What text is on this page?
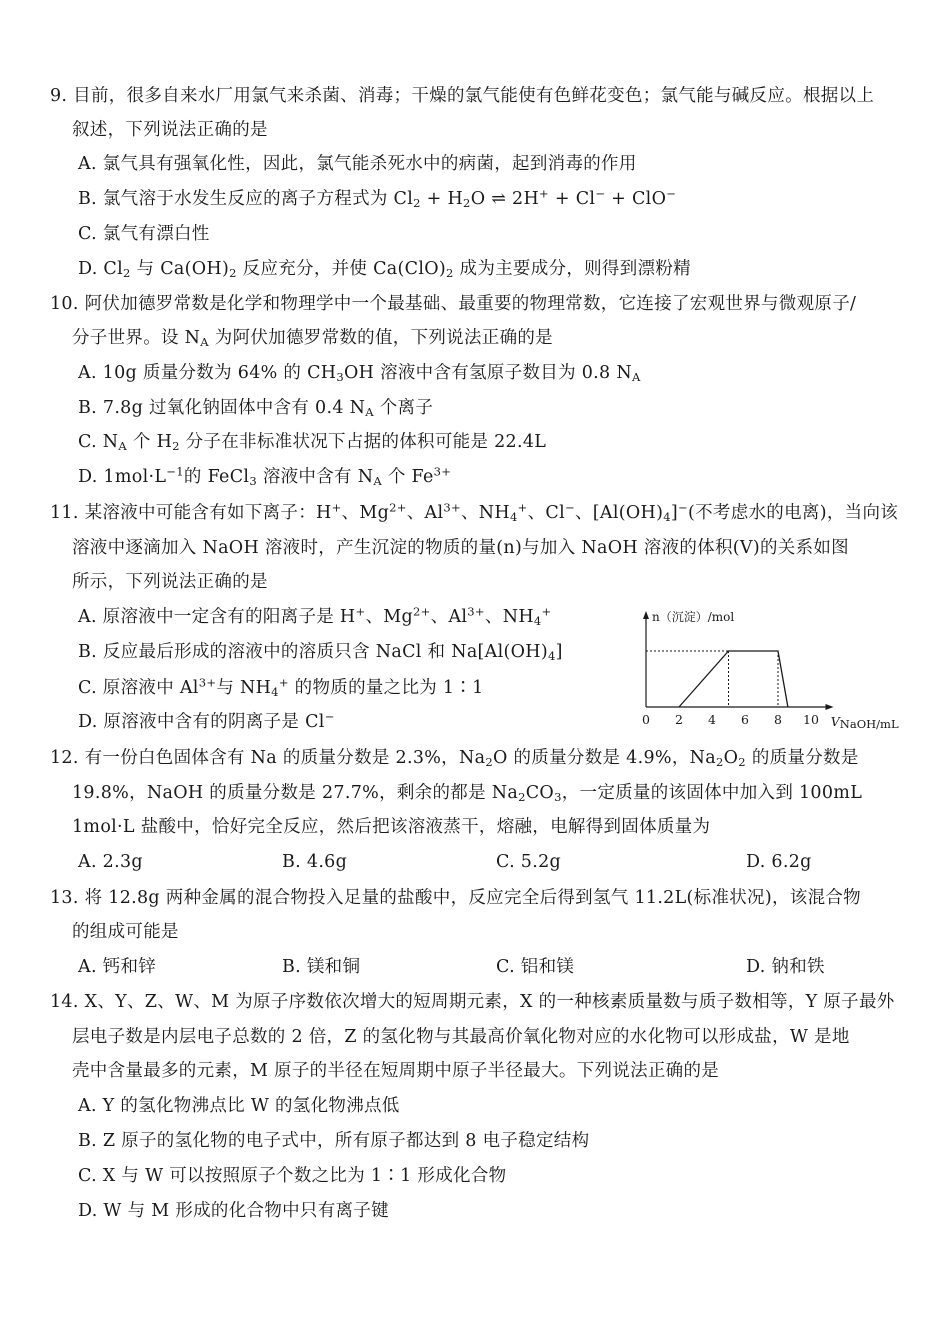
9. 目前，很多自来水厂用氯气来杀菌、消毒；干燥的氯气能使有色鲜花变色；氯气能与碱反应。根据以上
叙述，下列说法正确的是
A. 氯气具有强氧化性，因此，氯气能杀死水中的病菌，起到消毒的作用
B. 氯气溶于水发生反应的离子方程式为 $Cl_2 + H_2O$ ⇌ 2H+ + Cl− + ClO−
C. 氯气有漂白性
D. $Cl_2$ 与 $Ca(OH)_2$ 反应充分，并使 $Ca(ClO)_2$ 成为主要成分，则得到漂粉精
10. 阿伏加德罗常数是化学和物理学中一个最基础、最重要的物理常数，它连接了宏观世界与微观原子/
分子世界。设 $N_A$ 为阿伏加德罗常数的值，下列说法正确的是
A. 10g 质量分数为 64% 的 $CH_3OH$ 溶液中含有氢原子数目为 0.8 $N_A$
B. 7.8g 过氧化钠固体中含有 0.4 $N_A$ 个离子
C. $N_A$ 个 $H_2$ 分子在非标准状况下占据的体积可能是 22.4L
D. $1mol\cdot L^{-1}$的 FeCl$_3$ 溶液中含有 $N_A$ 个 $Fe^{3+}$
11. 某溶液中可能含有如下离子：H+、$Mg^{2+}$、$Al^{3+}$、$NH_4^+$、Cl−、$[Al(OH)_4]^-$(不考虑水的电离)，当向该
溶液中逐滴加入 NaOH 溶液时，产生沉淀的物质的量(n)与加入 NaOH 溶液的体积(V)的关系如图
所示，下列说法正确的是
A. 原溶液中一定含有的阳离子是 H+、$Mg^{2+}$、$Al^{3+}$、$NH_4^+$
B. 反应最后形成的溶液中的溶质只含 NaCl 和 $Na[Al(OH)_4]$
C. 原溶液中 $Al^{3+}$与 $NH_4^+$ 的物质的量之比为 1∶1
D. 原溶液中含有的阴离子是 Cl−
n（沉淀）/mol
0 2 4 6 8 10 V NaOH/mL
12. 有一份白色固体含有 Na 的质量分数是 2.3%，$Na_2O$ 的质量分数是 4.9%，$Na_2O_2$ 的质量分数是
19.8%，NaOH 的质量分数是 27.7%，剩余的都是 $Na_2CO_3$，一定质量的该固体中加入到 100mL
1mol·L 盐酸中，恰好完全反应，然后把该溶液蒸干，熔融，电解得到固体质量为
A. 2.3g	B. 4.6g	C. 5.2g	D. 6.2g
13. 将 12.8g 两种金属的混合物投入足量的盐酸中，反应完全后得到氢气 11.2L(标准状况)，该混合物
的组成可能是
A. 钙和锌	B. 镁和铜	C. 铝和镁	D. 钠和铁
14. X、Y、Z、W、M 为原子序数依次增大的短周期元素，X 的一种核素质量数与质子数相等，Y 原子最外
层电子数是内层电子总数的 2 倍，Z 的氢化物与其最高价氧化物对应的水化物可以形成盐，W 是地
壳中含量最多的元素，M 原子的半径在短周期中原子半径最大。下列说法正确的是
A. Y 的氢化物沸点比 W 的氢化物沸点低
B. Z 原子的氢化物的电子式中，所有原子都达到 8 电子稳定结构
C. X 与 W 可以按照原子个数之比为 1∶1 形成化合物
D. W 与 M 形成的化合物中只有离子键
